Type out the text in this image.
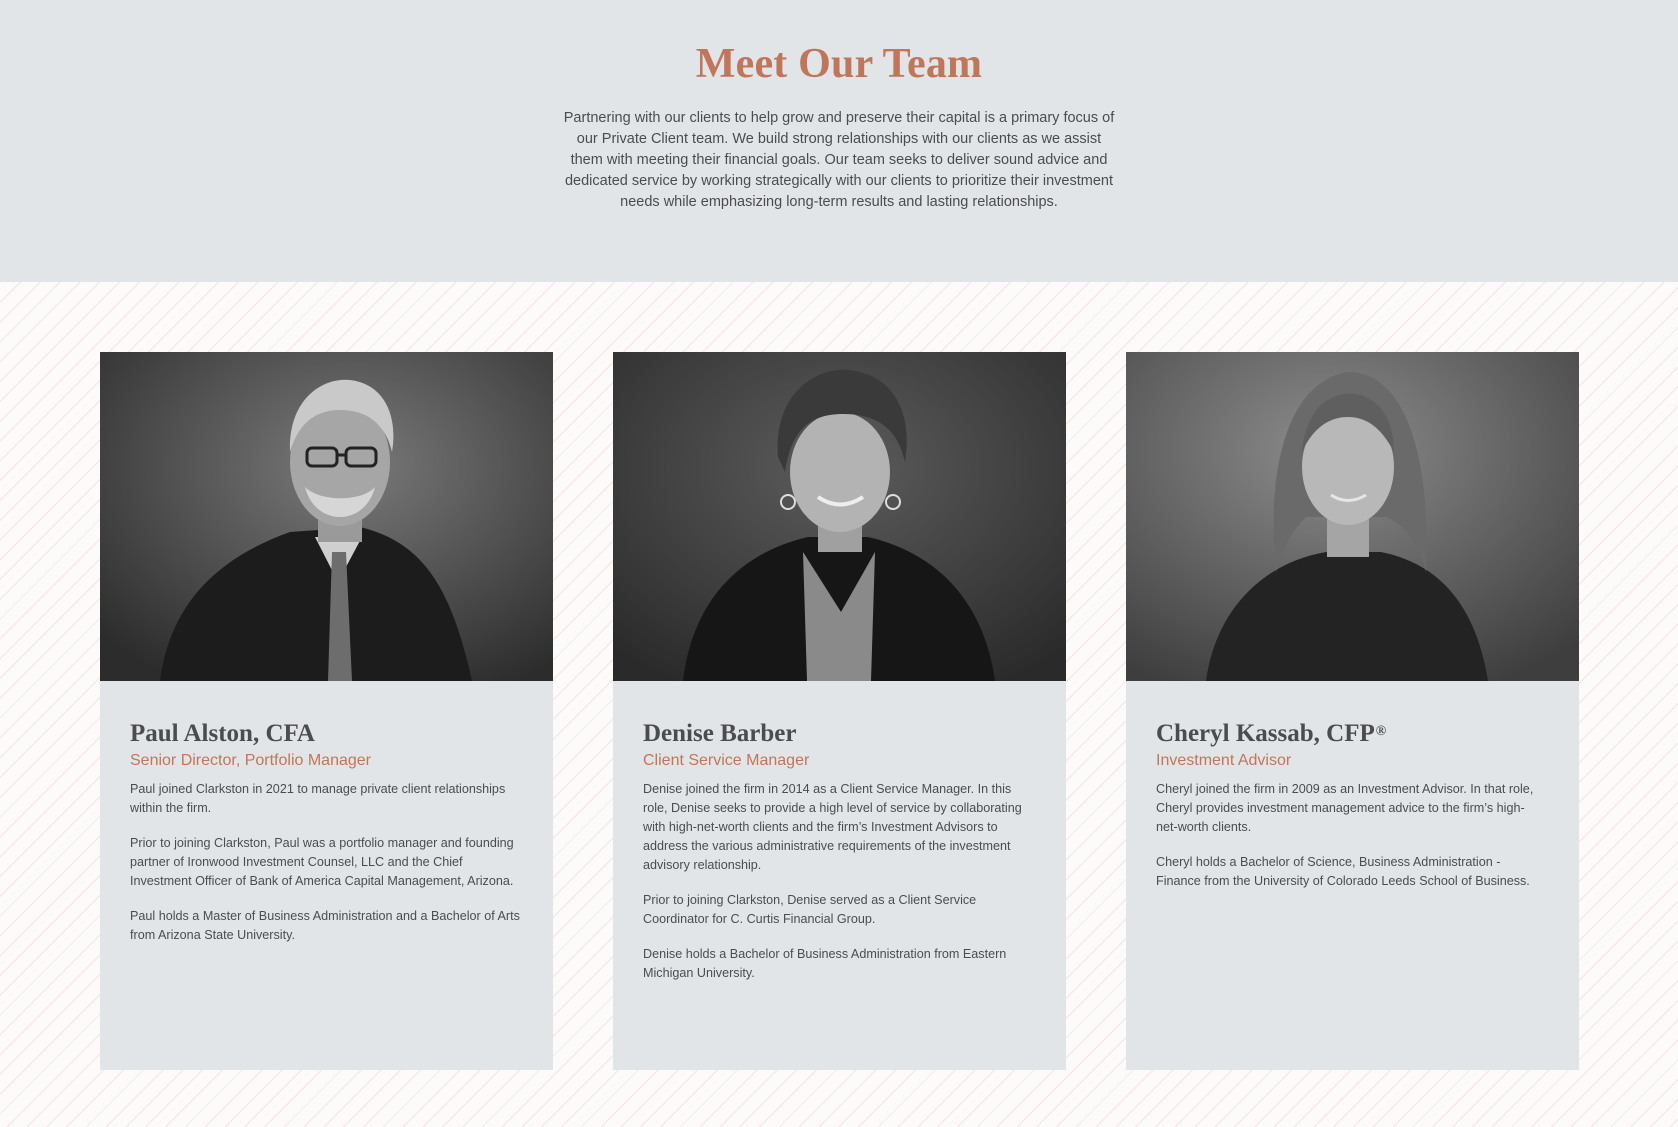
Meet Our Team

Partnering with our clients to help grow and preserve their capital is a primary focus of our Private Client team. We build strong relationships with our clients as we assist them with meeting their financial goals. Our team seeks to deliver sound advice and dedicated service by working strategically with our clients to prioritize their investment needs while emphasizing long-term results and lasting relationships.

Paul Alston, CFA

Senior Director, Portfolio Manager

Paul joined Clarkston in 2021 to manage private client relationships within the firm.

Prior to joining Clarkston, Paul was a portfolio manager and founding partner of Ironwood Investment Counsel, LLC and the Chief Investment Officer of Bank of America Capital Management, Arizona.

Paul holds a Master of Business Administration and a Bachelor of Arts from Arizona State University.

Denise Barber

Client Service Manager

Denise joined the firm in 2014 as a Client Service Manager. In this role, Denise seeks to provide a high level of service by collaborating with high-net-worth clients and the firm’s Investment Advisors to address the various administrative requirements of the investment advisory relationship.

Prior to joining Clarkston, Denise served as a Client Service Coordinator for C. Curtis Financial Group.

Denise holds a Bachelor of Business Administration from Eastern Michigan University.

Cheryl Kassab, CFP®

Investment Advisor

Cheryl joined the firm in 2009 as an Investment Advisor. In that role, Cheryl provides investment management advice to the firm’s high-net-worth clients.

Cheryl holds a Bachelor of Science, Business Administration - Finance from the University of Colorado Leeds School of Business.
